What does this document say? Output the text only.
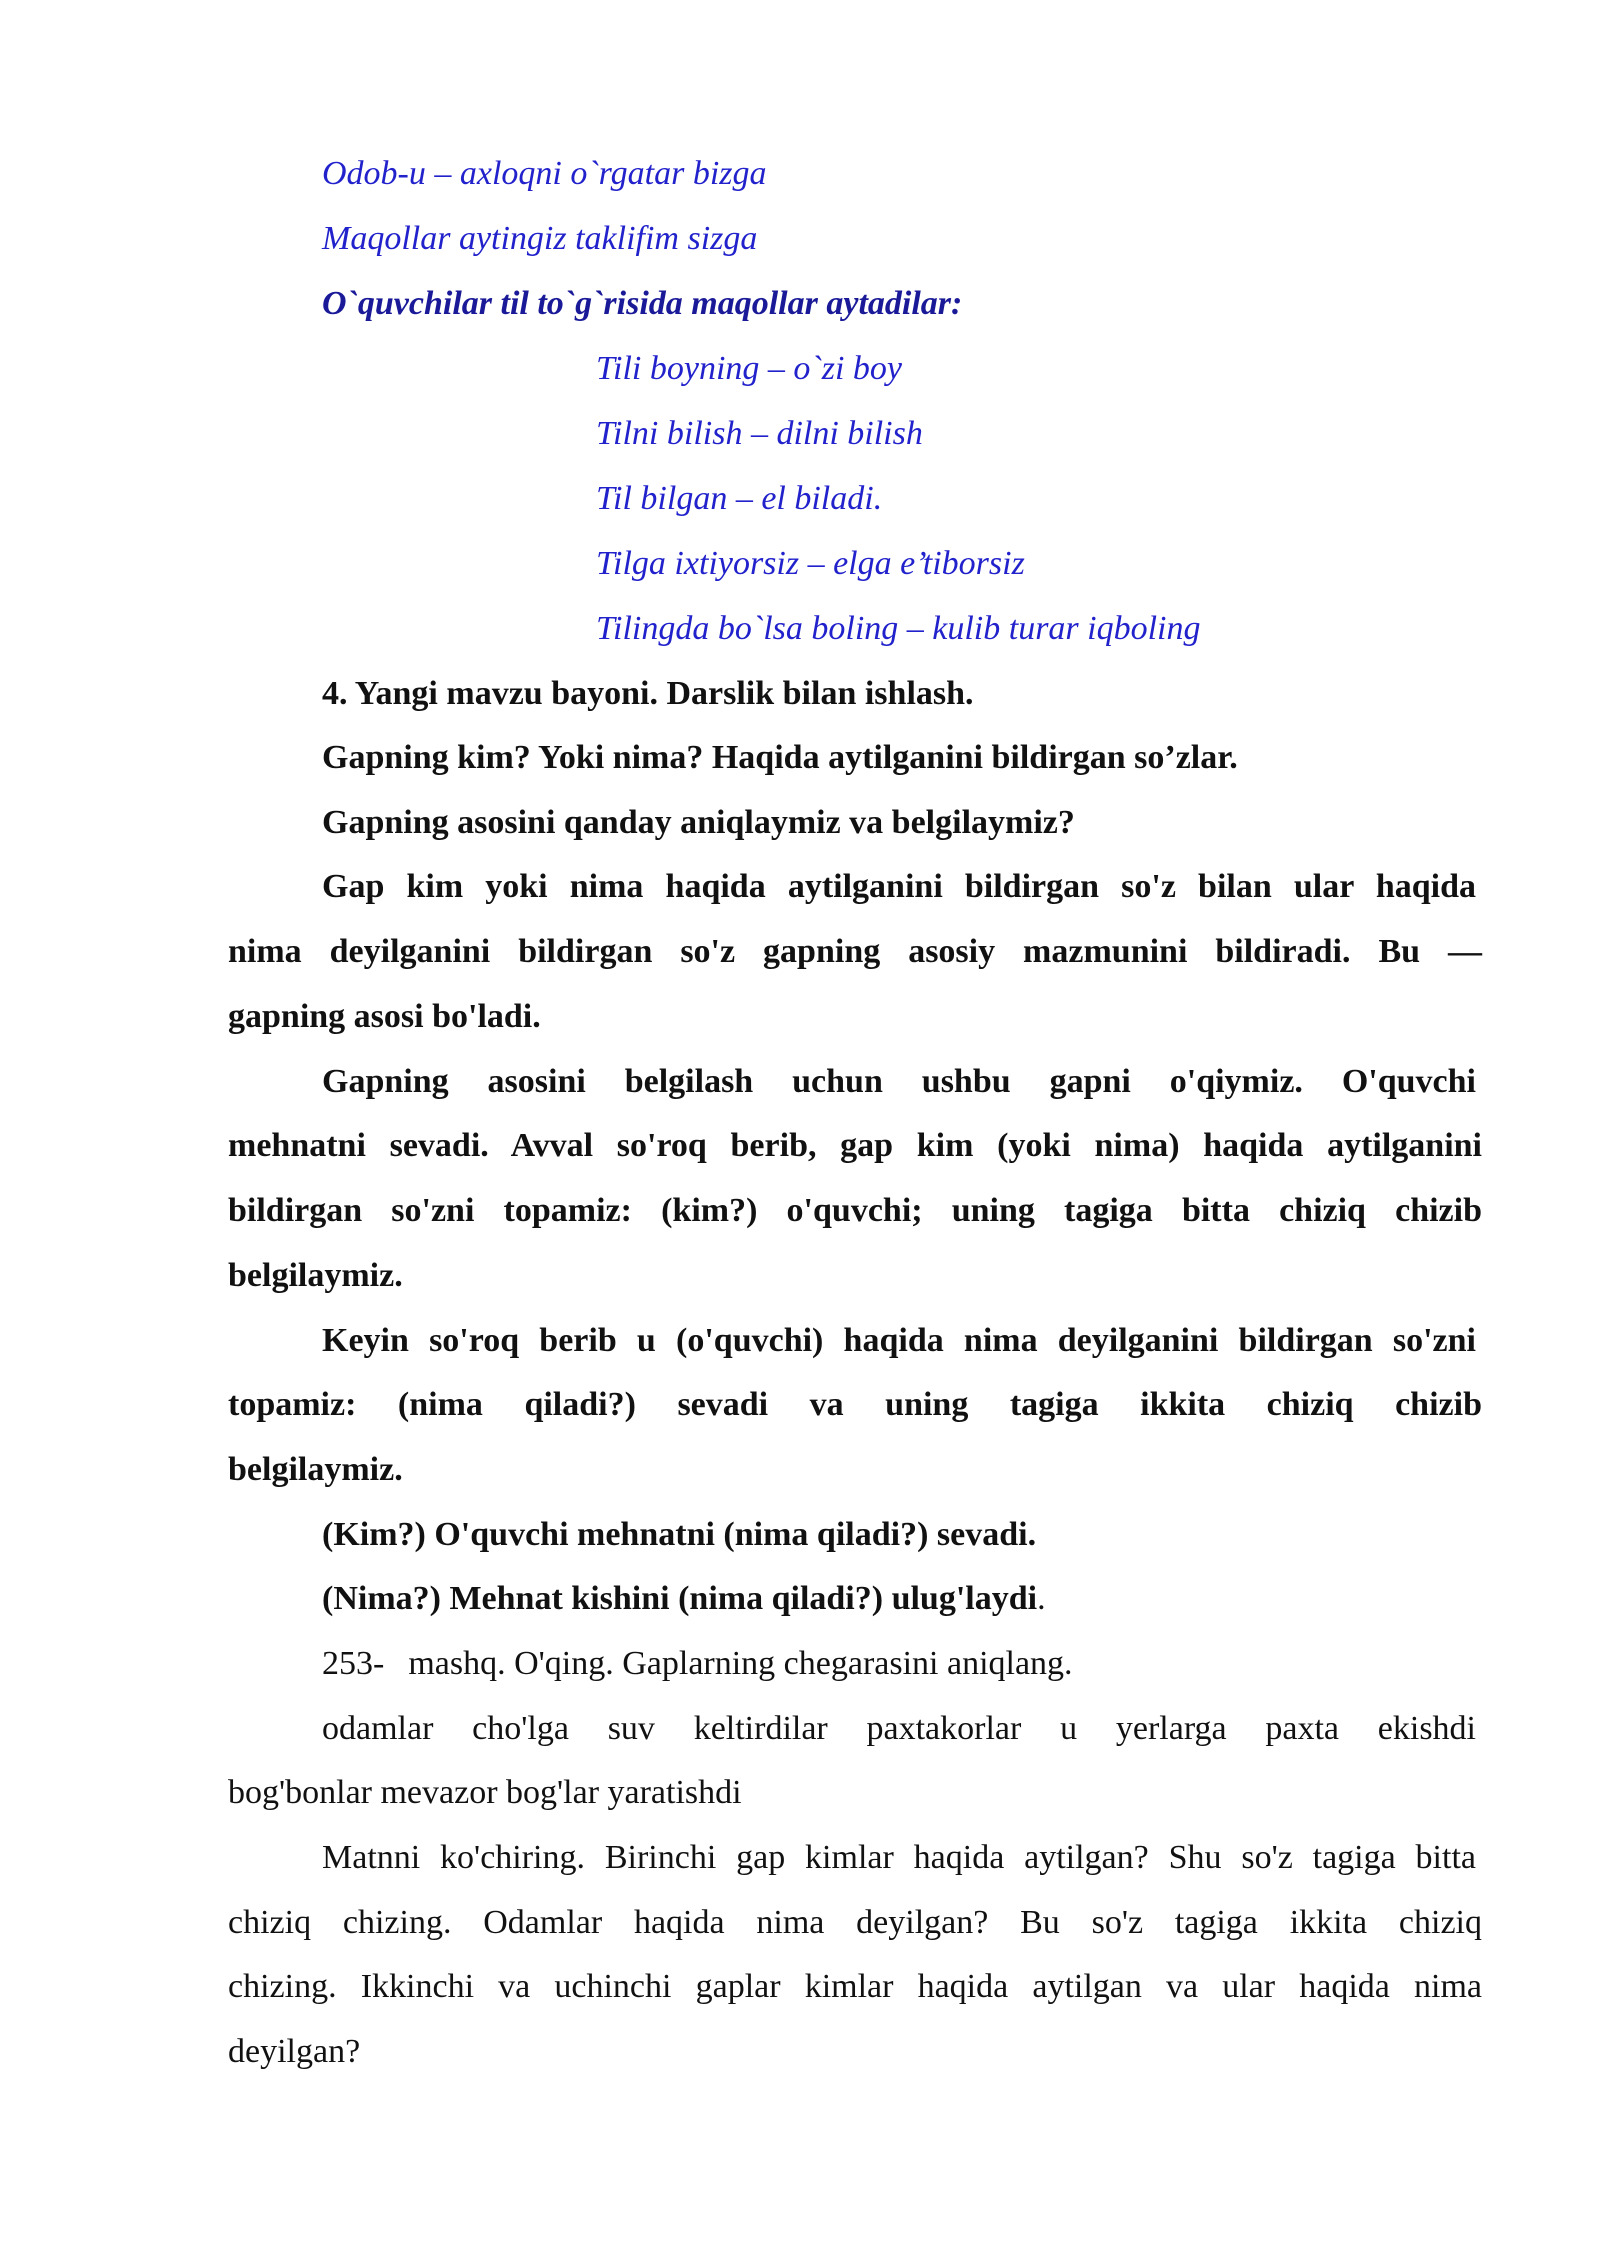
Odob-u – axloqni o`rgatar bizga
Maqollar aytingiz taklifim sizga
O`quvchilar til to`g`risida maqollar aytadilar:
Tili boyning – o`zi boy
Tilni bilish – dilni bilish
Til bilgan – el biladi.
Tilga ixtiyorsiz – elga e’tiborsiz
Tilingda bo`lsa boling – kulib turar iqboling
4. Yangi mavzu bayoni. Darslik bilan ishlash.
Gapning kim? Yoki nima? Haqida aytilganini bildirgan so’zlar.
Gapning asosini qanday aniqlaymiz va belgilaymiz?
Gap kim yoki nima haqida aytilganini bildirgan so'z bilan ular haqida
nima deyilganini bildirgan so'z gapning asosiy mazmunini bildiradi. Bu —
gapning asosi bo'ladi.
Gapning asosini belgilash uchun ushbu gapni o'qiymiz. O'quvchi
mehnatni sevadi. Avval so'roq berib, gap kim (yoki nima) haqida aytilganini
bildirgan so'zni topamiz: (kim?) o'quvchi; uning tagiga bitta chiziq chizib
belgilaymiz.
Keyin so'roq berib u (o'quvchi) haqida nima deyilganini bildirgan so'zni
topamiz: (nima qiladi?) sevadi va uning tagiga ikkita chiziq chizib
belgilaymiz.
(Kim?) O'quvchi mehnatni (nima qiladi?) sevadi.
(Nima?) Mehnat kishini (nima qiladi?) ulug'laydi.
253- mashq. O'qing. Gaplarning chegarasini aniqlang.
odamlar cho'lga suv keltirdilar paxtakorlar u yerlarga paxta ekishdi
bog'bonlar mevazor bog'lar yaratishdi
Matnni ko'chiring. Birinchi gap kimlar haqida aytilgan? Shu so'z tagiga bitta
chiziq chizing. Odamlar haqida nima deyilgan? Bu so'z tagiga ikkita chiziq
chizing. Ikkinchi va uchinchi gaplar kimlar haqida aytilgan va ular haqida nima
deyilgan?
